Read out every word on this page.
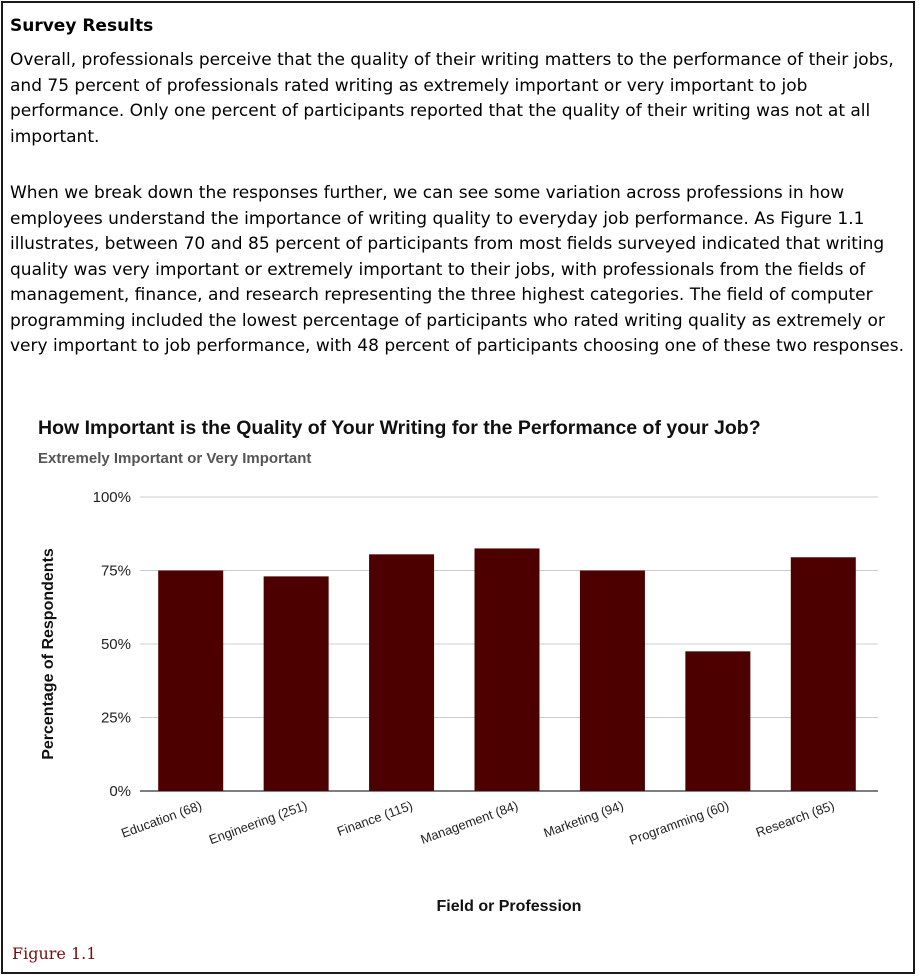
Survey Results

Overall, professionals perceive that the quality of their writing matters to the performance of their jobs, and 75 percent of professionals rated writing as extremely important or very important to job performance. Only one percent of participants reported that the quality of their writing was not at all important.

When we break down the responses further, we can see some variation across professions in how employees understand the importance of writing quality to everyday job performance. As Figure 1.1 illustrates, between 70 and 85 percent of participants from most fields surveyed indicated that writing quality was very important or extremely important to their jobs, with professionals from the fields of management, finance, and research representing the three highest categories. The field of computer programming included the lowest percentage of participants who rated writing quality as extremely or very important to job performance, with 48 percent of participants choosing one of these two responses.

How Important is the Quality of Your Writing for the Performance of your Job?
Extremely Important or Very Important
0%
25%
50%
75%
100%
Education (68) Engineering (251) Finance (115) Management (84) Marketing (94) Programming (60) Research (85)
Percentage of Respondents
Field or Profession
Figure 1.1
